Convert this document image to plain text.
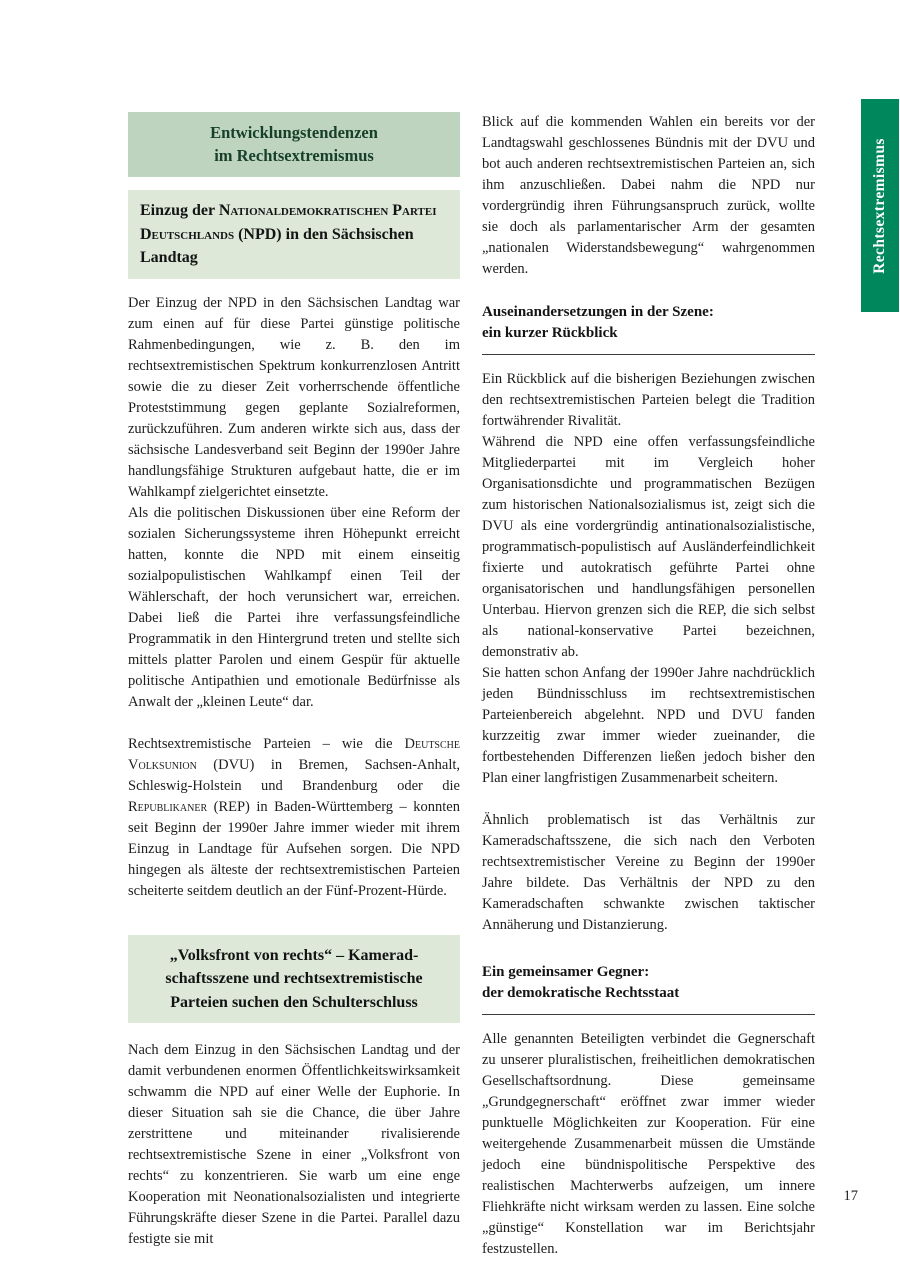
Entwicklungstendenzen
im Rechtsextremismus
Einzug der Nationaldemokratischen Partei Deutschlands (NPD) in den Sächsischen Landtag

Der Einzug der NPD in den Sächsischen Landtag war zum einen auf für diese Partei günstige politische Rahmenbedingungen, wie z. B. den im rechtsextremistischen Spektrum konkurrenzlosen Antritt sowie die zu dieser Zeit vorherrschende öffentliche Proteststimmung gegen geplante Sozialreformen, zurückzuführen. Zum anderen wirkte sich aus, dass der sächsische Landesverband seit Beginn der 1990er Jahre handlungsfähige Strukturen aufgebaut hatte, die er im Wahlkampf zielgerichtet einsetzte.

Als die politischen Diskussionen über eine Reform der sozialen Sicherungssysteme ihren Höhepunkt erreicht hatten, konnte die NPD mit einem einseitig sozialpopulistischen Wahlkampf einen Teil der Wählerschaft, der hoch verunsichert war, erreichen. Dabei ließ die Partei ihre verfassungsfeindliche Programmatik in den Hintergrund treten und stellte sich mittels platter Parolen und einem Gespür für aktuelle politische Antipathien und emotionale Bedürfnisse als Anwalt der „kleinen Leute“ dar.

Rechtsextremistische Parteien – wie die Deutsche Volksunion (DVU) in Bremen, Sachsen-Anhalt, Schleswig-Holstein und Brandenburg oder die Republikaner (REP) in Baden-Württemberg – konnten seit Beginn der 1990er Jahre immer wieder mit ihrem Einzug in Landtage für Aufsehen sorgen. Die NPD hingegen als älteste der rechtsextremistischen Parteien scheiterte seitdem deutlich an der Fünf-Prozent-Hürde.

„Volksfront von rechts“ – Kamerad-
schaftsszene und rechtsextremistische
Parteien suchen den Schulterschluss

Nach dem Einzug in den Sächsischen Landtag und der damit verbundenen enormen Öffentlichkeitswirksamkeit schwamm die NPD auf einer Welle der Euphorie. In dieser Situation sah sie die Chance, die über Jahre zerstrittene und miteinander rivalisierende rechtsextremistische Szene in einer „Volksfront von rechts“ zu konzentrieren. Sie warb um eine enge Kooperation mit Neonationalsozialisten und integrierte Führungskräfte dieser Szene in die Partei. Parallel dazu festigte sie mit

Blick auf die kommenden Wahlen ein bereits vor der Landtagswahl geschlossenes Bündnis mit der DVU und bot auch anderen rechtsextremistischen Parteien an, sich ihm anzuschließen. Dabei nahm die NPD nur vordergründig ihren Führungsanspruch zurück, wollte sie doch als parlamentarischer Arm der gesamten „nationalen Widerstandsbewegung“ wahrgenommen werden.

Auseinandersetzungen in der Szene:
ein kurzer Rückblick

Ein Rückblick auf die bisherigen Beziehungen zwischen den rechtsextremistischen Parteien belegt die Tradition fortwährender Rivalität.

Während die NPD eine offen verfassungsfeindliche Mitgliederpartei mit im Vergleich hoher Organisationsdichte und programmatischen Bezügen zum historischen Nationalsozialismus ist, zeigt sich die DVU als eine vordergründig antinationalsozialistische, programmatisch-populistisch auf Ausländerfeindlichkeit fixierte und autokratisch geführte Partei ohne organisatorischen und handlungsfähigen personellen Unterbau. Hiervon grenzen sich die REP, die sich selbst als national-konservative Partei bezeichnen, demonstrativ ab.

Sie hatten schon Anfang der 1990er Jahre nachdrücklich jeden Bündnisschluss im rechtsextremistischen Parteienbereich abgelehnt. NPD und DVU fanden kurzzeitig zwar immer wieder zueinander, die fortbestehenden Differenzen ließen jedoch bisher den Plan einer langfristigen Zusammenarbeit scheitern.

Ähnlich problematisch ist das Verhältnis zur Kameradschaftsszene, die sich nach den Verboten rechtsextremistischer Vereine zu Beginn der 1990er Jahre bildete. Das Verhältnis der NPD zu den Kameradschaften schwankte zwischen taktischer Annäherung und Distanzierung.

Ein gemeinsamer Gegner:
der demokratische Rechtsstaat

Alle genannten Beteiligten verbindet die Gegnerschaft zu unserer pluralistischen, freiheitlichen demokratischen Gesellschaftsordnung. Diese gemeinsame „Grundgegnerschaft“ eröffnet zwar immer wieder punktuelle Möglichkeiten zur Kooperation. Für eine weitergehende Zusammenarbeit müssen die Umstände jedoch eine bündnispolitische Perspektive des realistischen Machterwerbs aufzeigen, um innere Fliehkräfte nicht wirksam werden zu lassen. Eine solche „günstige“ Konstellation war im Berichtsjahr festzustellen.

Rechtsextremismus
17
